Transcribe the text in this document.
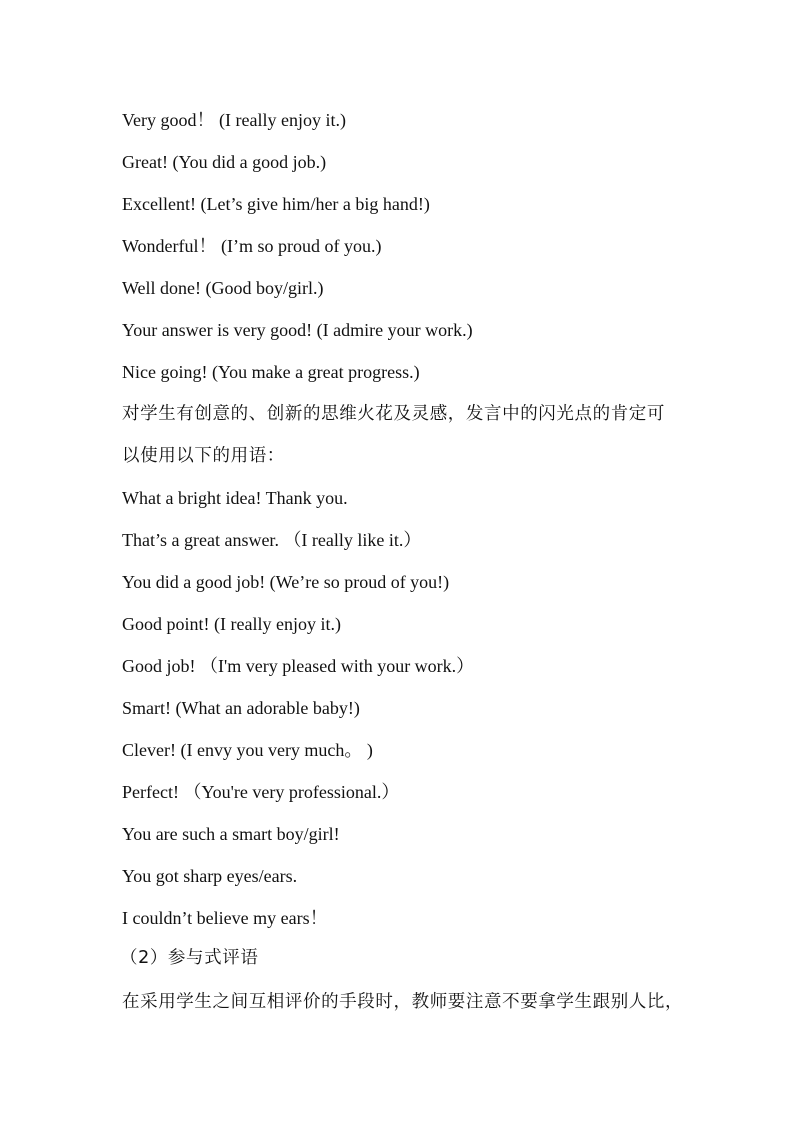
Very good！ (I really enjoy it.)
Great! (You did a good job.)
Excellent! (Let’s give him/her a big hand!)
Wonderful！ (I’m so proud of you.)
Well done! (Good boy/girl.)
Your answer is very good! (I admire your work.)
Nice going! (You make a great progress.)
对学生有创意的、创新的思维火花及灵感，发言中的闪光点的肯定可
以使用以下的用语：
What a bright idea! Thank you.
That’s a great answer. （I really like it.）
You did a good job! (We’re so proud of you!)
Good point! (I really enjoy it.)
Good job! （I'm very pleased with your work.）
Smart! (What an adorable baby!)
Clever! (I envy you very much。 )
Perfect! （You're very professional.）
You are such a smart boy/girl!
You got sharp eyes/ears.
I couldn’t believe my ears！
（2）参与式评语
在采用学生之间互相评价的手段时，教师要注意不要拿学生跟别人比，
